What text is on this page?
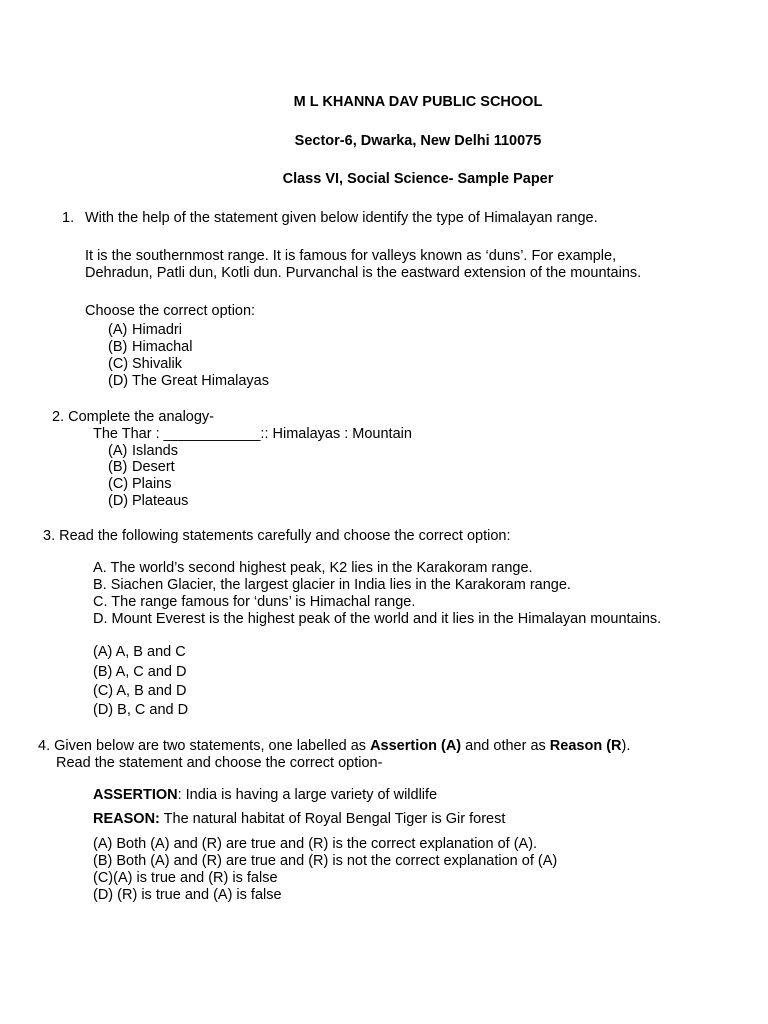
M L KHANNA DAV PUBLIC SCHOOL

Sector-6, Dwarka, New Delhi 110075

Class VI, Social Science- Sample Paper

1. With the help of the statement given below identify the type of Himalayan range.

It is the southernmost range. It is famous for valleys known as ‘duns’. For example,

Dehradun, Patli dun, Kotli dun. Purvanchal is the eastward extension of the mountains.

Choose the correct option:

(A) Himadri
(B) Himachal
(C) Shivalik
(D) The Great Himalayas

2. Complete the analogy-

The Thar : ____________:: Himalayas : Mountain

(A) Islands
(B) Desert
(C) Plains
(D) Plateaus

3. Read the following statements carefully and choose the correct option:

A. The world’s second highest peak, K2 lies in the Karakoram range.

B. Siachen Glacier, the largest glacier in India lies in the Karakoram range.

C. The range famous for ‘duns’ is Himachal range.

D. Mount Everest is the highest peak of the world and it lies in the Himalayan mountains.

(A) A, B and C
(B) A, C and D
(C) A, B and D
(D) B, C and D

4. Given below are two statements, one labelled as Assertion (A) and other as Reason (R).

Read the statement and choose the correct option-

ASSERTION: India is having a large variety of wildlife

REASON: The natural habitat of Royal Bengal Tiger is Gir forest

(A) Both (A) and (R) are true and (R) is the correct explanation of (A).
(B) Both (A) and (R) are true and (R) is not the correct explanation of (A)
(C)(A) is true and (R) is false
(D) (R) is true and (A) is false
